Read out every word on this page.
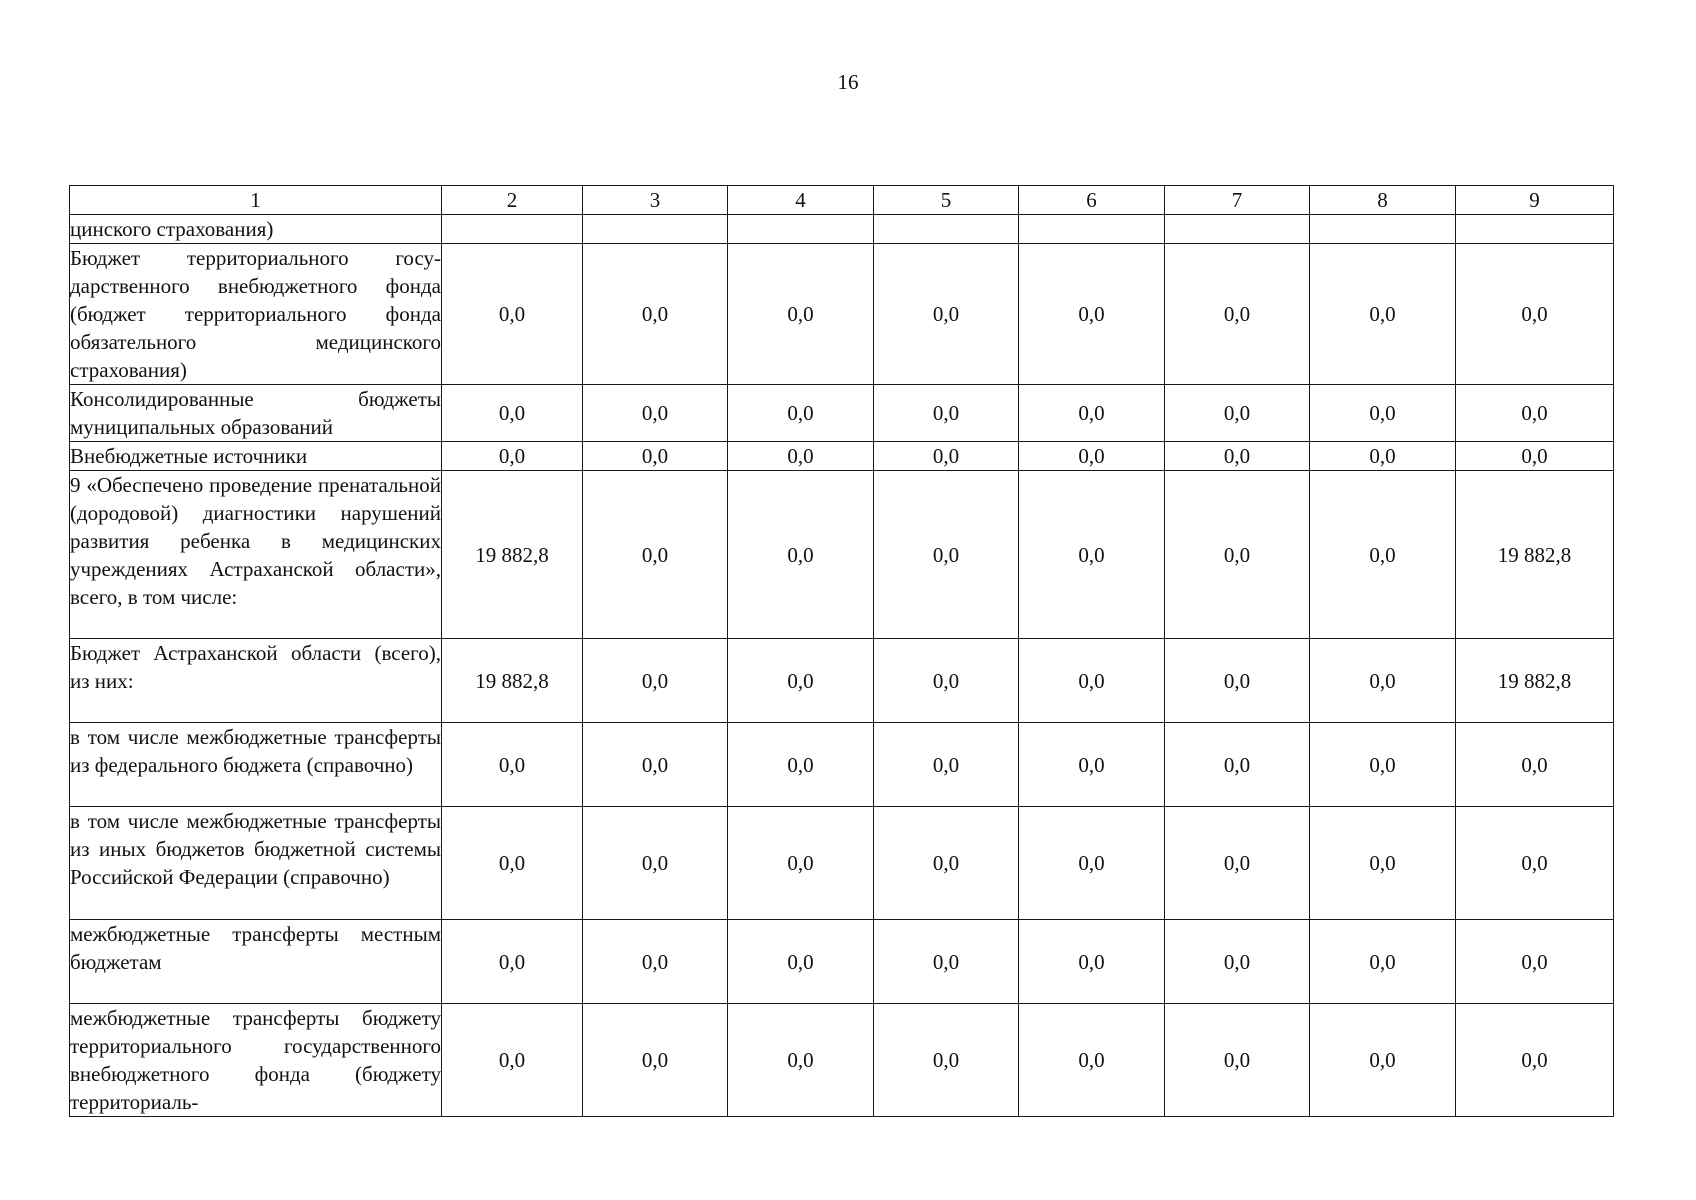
16
1	2	3	4	5	6	7	8	9
цинского страхования)								
Бюджет территориального государственного внебюджетного фонда (бюджет территориального фонда обязательного медицинского страхования)	0,0	0,0	0,0	0,0	0,0	0,0	0,0	0,0
Консолидированные бюджеты муниципальных образований	0,0	0,0	0,0	0,0	0,0	0,0	0,0	0,0
Внебюджетные источники	0,0	0,0	0,0	0,0	0,0	0,0	0,0	0,0
9 «Обеспечено проведение пренатальной (дородовой) диагностики нарушений развития ребенка в медицинских учреждениях Астраханской области», всего, в том числе:	19 882,8	0,0	0,0	0,0	0,0	0,0	0,0	19 882,8
Бюджет Астраханской области (всего), из них:	19 882,8	0,0	0,0	0,0	0,0	0,0	0,0	19 882,8
в том числе межбюджетные трансферты из федерального бюджета (справочно)	0,0	0,0	0,0	0,0	0,0	0,0	0,0	0,0
в том числе межбюджетные трансферты из иных бюджетов бюджетной системы Российской Федерации (справочно)	0,0	0,0	0,0	0,0	0,0	0,0	0,0	0,0
межбюджетные трансферты местным бюджетам	0,0	0,0	0,0	0,0	0,0	0,0	0,0	0,0
межбюджетные трансферты бюджету территориального государственного внебюджетного фонда (бюджету территориаль-	0,0	0,0	0,0	0,0	0,0	0,0	0,0	0,0
